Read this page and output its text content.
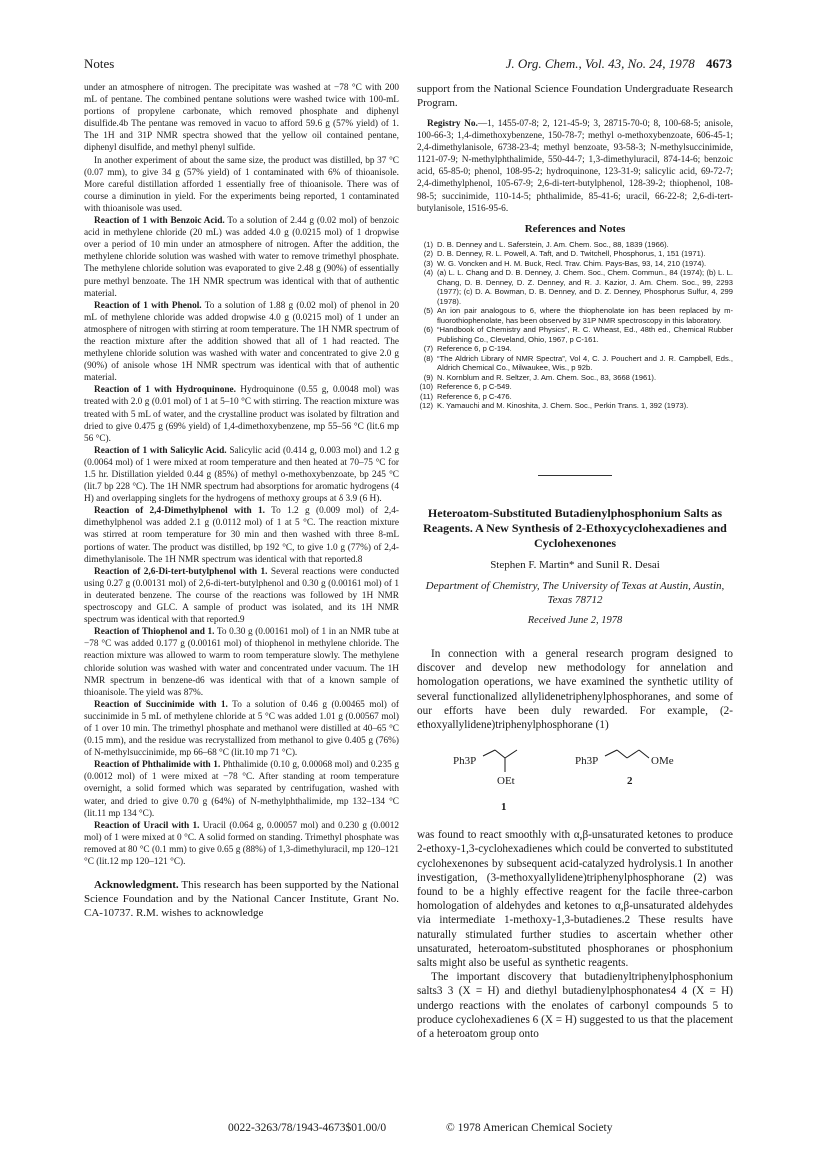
Notes	J. Org. Chem., Vol. 43, No. 24, 1978 4673

under an atmosphere of nitrogen. The precipitate was washed at −78 °C with 200 mL of pentane. The combined pentane solutions were washed twice with 100-mL portions of propylene carbonate, which removed phosphate and diphenyl disulfide.4b The pentane was removed in vacuo to afford 59.6 g (57% yield) of 1. The 1H and 31P NMR spectra showed that the yellow oil contained pentane, diphenyl disulfide, and methyl phenyl sulfide.

In another experiment of about the same size, the product was distilled, bp 37 °C (0.07 mm), to give 34 g (57% yield) of 1 contaminated with 6% of thioanisole. More careful distillation afforded 1 essentially free of thioanisole. There was of course a diminution in yield. For the experiments being reported, 1 contaminated with thioanisole was used.

Reaction of 1 with Benzoic Acid. To a solution of 2.44 g (0.02 mol) of benzoic acid in methylene chloride (20 mL) was added 4.0 g (0.0215 mol) of 1 dropwise over a period of 10 min under an atmosphere of nitrogen. After the addition, the methylene chloride solution was washed with water to remove trimethyl phosphate. The methylene chloride solution was evaporated to give 2.48 g (90%) of essentially pure methyl benzoate. The 1H NMR spectrum was identical with that of authentic material.

Reaction of 1 with Phenol. To a solution of 1.88 g (0.02 mol) of phenol in 20 mL of methylene chloride was added dropwise 4.0 g (0.0215 mol) of 1 under an atmosphere of nitrogen with stirring at room temperature. The 1H NMR spectrum of the reaction mixture after the addition showed that all of 1 had reacted. The methylene chloride solution was washed with water and concentrated to give 2.0 g (90%) of anisole whose 1H NMR spectrum was identical with that of authentic material.

Reaction of 1 with Hydroquinone. Hydroquinone (0.55 g, 0.0048 mol) was treated with 2.0 g (0.01 mol) of 1 at 5–10 °C with stirring. The reaction mixture was treated with 5 mL of water, and the crystalline product was isolated by filtration and dried to give 0.475 g (69% yield) of 1,4-dimethoxybenzene, mp 55–56 °C (lit.6 mp 56 °C).

Reaction of 1 with Salicylic Acid. Salicylic acid (0.414 g, 0.003 mol) and 1.2 g (0.0064 mol) of 1 were mixed at room temperature and then heated at 70–75 °C for 1.5 hr. Distillation yielded 0.44 g (85%) of methyl o-methoxybenzoate, bp 245 °C (lit.7 bp 228 °C). The 1H NMR spectrum had absorptions for aromatic hydrogens (4 H) and overlapping singlets for the hydrogens of methoxy groups at δ 3.9 (6 H).

Reaction of 2,4-Dimethylphenol with 1. To 1.2 g (0.009 mol) of 2,4-dimethylphenol was added 2.1 g (0.0112 mol) of 1 at 5 °C. The reaction mixture was stirred at room temperature for 30 min and then washed with three 8-mL portions of water. The product was distilled, bp 192 °C, to give 1.0 g (77%) of 2,4-dimethylanisole. The 1H NMR spectrum was identical with that reported.8

Reaction of 2,6-Di-tert-butylphenol with 1. Several reactions were conducted using 0.27 g (0.00131 mol) of 2,6-di-tert-butylphenol and 0.30 g (0.00161 mol) of 1 in deuterated benzene. The course of the reactions was followed by 1H NMR spectroscopy and GLC. A sample of product was isolated, and its 1H NMR spectrum was identical with that reported.9

Reaction of Thiophenol and 1. To 0.30 g (0.00161 mol) of 1 in an NMR tube at −78 °C was added 0.177 g (0.00161 mol) of thiophenol in methylene chloride. The reaction mixture was allowed to warm to room temperature slowly. The methylene chloride solution was washed with water and concentrated under vacuum. The 1H NMR spectrum in benzene-d6 was identical with that of a known sample of thioanisole. The yield was 87%.

Reaction of Succinimide with 1. To a solution of 0.46 g (0.00465 mol) of succinimide in 5 mL of methylene chloride at 5 °C was added 1.01 g (0.00567 mol) of 1 over 10 min. The trimethyl phosphate and methanol were distilled at 40–65 °C (0.15 mm), and the residue was recrystallized from methanol to give 0.405 g (76%) of N-methylsuccinimide, mp 66–68 °C (lit.10 mp 71 °C).

Reaction of Phthalimide with 1. Phthalimide (0.10 g, 0.00068 mol) and 0.235 g (0.0012 mol) of 1 were mixed at −78 °C. After standing at room temperature overnight, a solid formed which was separated by centrifugation, washed with water, and dried to give 0.70 g (64%) of N-methylphthalimide, mp 132–134 °C (lit.11 mp 134 °C).

Reaction of Uracil with 1. Uracil (0.064 g, 0.00057 mol) and 0.230 g (0.0012 mol) of 1 were mixed at 0 °C. A solid formed on standing. Trimethyl phosphate was removed at 80 °C (0.1 mm) to give 0.65 g (88%) of 1,3-dimethyluracil, mp 120–121 °C (lit.12 mp 120–121 °C).

Acknowledgment. This research has been supported by the National Science Foundation and by the National Cancer Institute, Grant No. CA-10737. R.M. wishes to acknowledge

support from the National Science Foundation Undergraduate Research Program.

Registry No.—1, 1455-07-8; 2, 121-45-9; 3, 28715-70-0; 8, 100-68-5; anisole, 100-66-3; 1,4-dimethoxybenzene, 150-78-7; methyl o-methoxybenzoate, 606-45-1; 2,4-dimethylanisole, 6738-23-4; methyl benzoate, 93-58-3; N-methylsuccinimide, 1121-07-9; N-methylphthalimide, 550-44-7; 1,3-dimethyluracil, 874-14-6; benzoic acid, 65-85-0; phenol, 108-95-2; hydroquinone, 123-31-9; salicylic acid, 69-72-7; 2,4-dimethylphenol, 105-67-9; 2,6-di-tert-butylphenol, 128-39-2; thiophenol, 108-98-5; succinimide, 110-14-5; phthalimide, 85-41-6; uracil, 66-22-8; 2,6-di-tert-butylanisole, 1516-95-6.

References and Notes
(1) D. B. Denney and L. Saferstein, J. Am. Chem. Soc., 88, 1839 (1966).
(2) D. B. Denney, R. L. Powell, A. Taft, and D. Twitchell, Phosphorus, 1, 151 (1971).
(3) W. G. Voncken and H. M. Buck, Recl. Trav. Chim. Pays-Bas, 93, 14, 210 (1974).
(4) (a) L. L. Chang and D. B. Denney, J. Chem. Soc., Chem. Commun., 84 (1974); (b) L. L. Chang, D. B. Denney, D. Z. Denney, and R. J. Kazior, J. Am. Chem. Soc., 99, 2293 (1977); (c) D. A. Bowman, D. B. Denney, and D. Z. Denney, Phosphorus Sulfur, 4, 299 (1978).
(5) An ion pair analogous to 6, where the thiophenolate ion has been replaced by m-fluorothiophenolate, has been observed by 31P NMR spectroscopy in this laboratory.
(6) “Handbook of Chemistry and Physics”, R. C. Wheast, Ed., 48th ed., Chemical Rubber Publishing Co., Cleveland, Ohio, 1967, p C-161.
(7) Reference 6, p C-194.
(8) “The Aldrich Library of NMR Spectra”, Vol 4, C. J. Pouchert and J. R. Campbell, Eds., Aldrich Chemical Co., Milwaukee, Wis., p 92b.
(9) N. Kornblum and R. Seltzer, J. Am. Chem. Soc., 83, 3668 (1961).
(10) Reference 6, p C-549.
(11) Reference 6, p C-476.
(12) K. Yamauchi and M. Kinoshita, J. Chem. Soc., Perkin Trans. 1, 392 (1973).
Heteroatom-Substituted Butadienylphosphonium Salts as Reagents. A New Synthesis of 2-Ethoxycyclohexadienes and Cyclohexenones
Stephen F. Martin* and Sunil R. Desai
Department of Chemistry, The University of Texas at Austin, Austin, Texas 78712
Received June 2, 1978

In connection with a general research program designed to discover and develop new methodology for annelation and homologation operations, we have examined the synthetic utility of several functionalized allylidenetriphenylphosphoranes, and some of our efforts have been duly rewarded. For example, (2-ethoxyallylidene)triphenylphosphorane (1)

Ph3P
OEt
1
Ph3P	OMe
2

was found to react smoothly with α,β-unsaturated ketones to produce 2-ethoxy-1,3-cyclohexadienes which could be converted to substituted cyclohexenones by subsequent acid-catalyzed hydrolysis.1 In another investigation, (3-methoxyallylidene)triphenylphosphorane (2) was found to be a highly effective reagent for the facile three-carbon homologation of aldehydes and ketones to α,β-unsaturated aldehydes via intermediate 1-methoxy-1,3-butadienes.2 These results have naturally stimulated further studies to ascertain whether other unsaturated, heteroatom-substituted phosphoranes or phosphonium salts might also be useful as synthetic reagents.

The important discovery that butadienyltriphenylphosphonium salts3 3 (X = H) and diethyl butadienylphosphonates4 4 (X = H) undergo reactions with the enolates of carbonyl compounds 5 to produce cyclohexadienes 6 (X = H) suggested to us that the placement of a heteroatom group onto

0022-3263/78/1943-4673$01.00/0	© 1978 American Chemical Society
